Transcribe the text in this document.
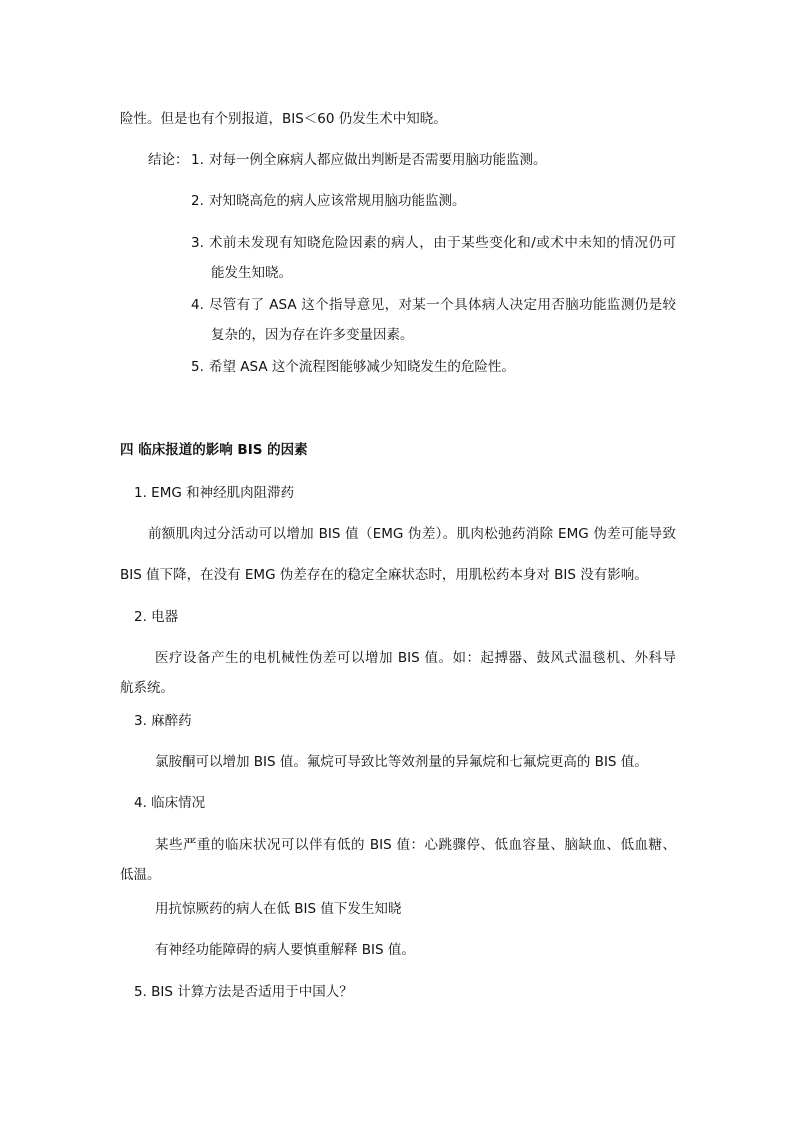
险性。但是也有个别报道，BIS＜60 仍发生术中知晓。
结论： 1. 对每一例全麻病人都应做出判断是否需要用脑功能监测。
2. 对知晓高危的病人应该常规用脑功能监测。
3. 术前未发现有知晓危险因素的病人，由于某些变化和/或术中未知的情况仍可
能发生知晓。
4. 尽管有了 ASA 这个指导意见，对某一个具体病人决定用否脑功能监测仍是较
复杂的，因为存在许多变量因素。
5. 希望 ASA 这个流程图能够减少知晓发生的危险性。
四 临床报道的影响 BIS 的因素
1. EMG 和神经肌肉阻滞药
前额肌肉过分活动可以增加 BIS 值（EMG 伪差）。肌肉松弛药消除 EMG 伪差可能导致
BIS 值下降，在没有 EMG 伪差存在的稳定全麻状态时，用肌松药本身对 BIS 没有影响。
2. 电器
医疗设备产生的电机械性伪差可以增加 BIS 值。如：起搏器、鼓风式温毯机、外科导
航系统。
3. 麻醉药
氯胺酮可以增加 BIS 值。氟烷可导致比等效剂量的异氟烷和七氟烷更高的 BIS 值。
4. 临床情况
某些严重的临床状况可以伴有低的 BIS 值：心跳骤停、低血容量、脑缺血、低血糖、
低温。
用抗惊厥药的病人在低 BIS 值下发生知晓
有神经功能障碍的病人要慎重解释 BIS 值。
5. BIS 计算方法是否适用于中国人？
